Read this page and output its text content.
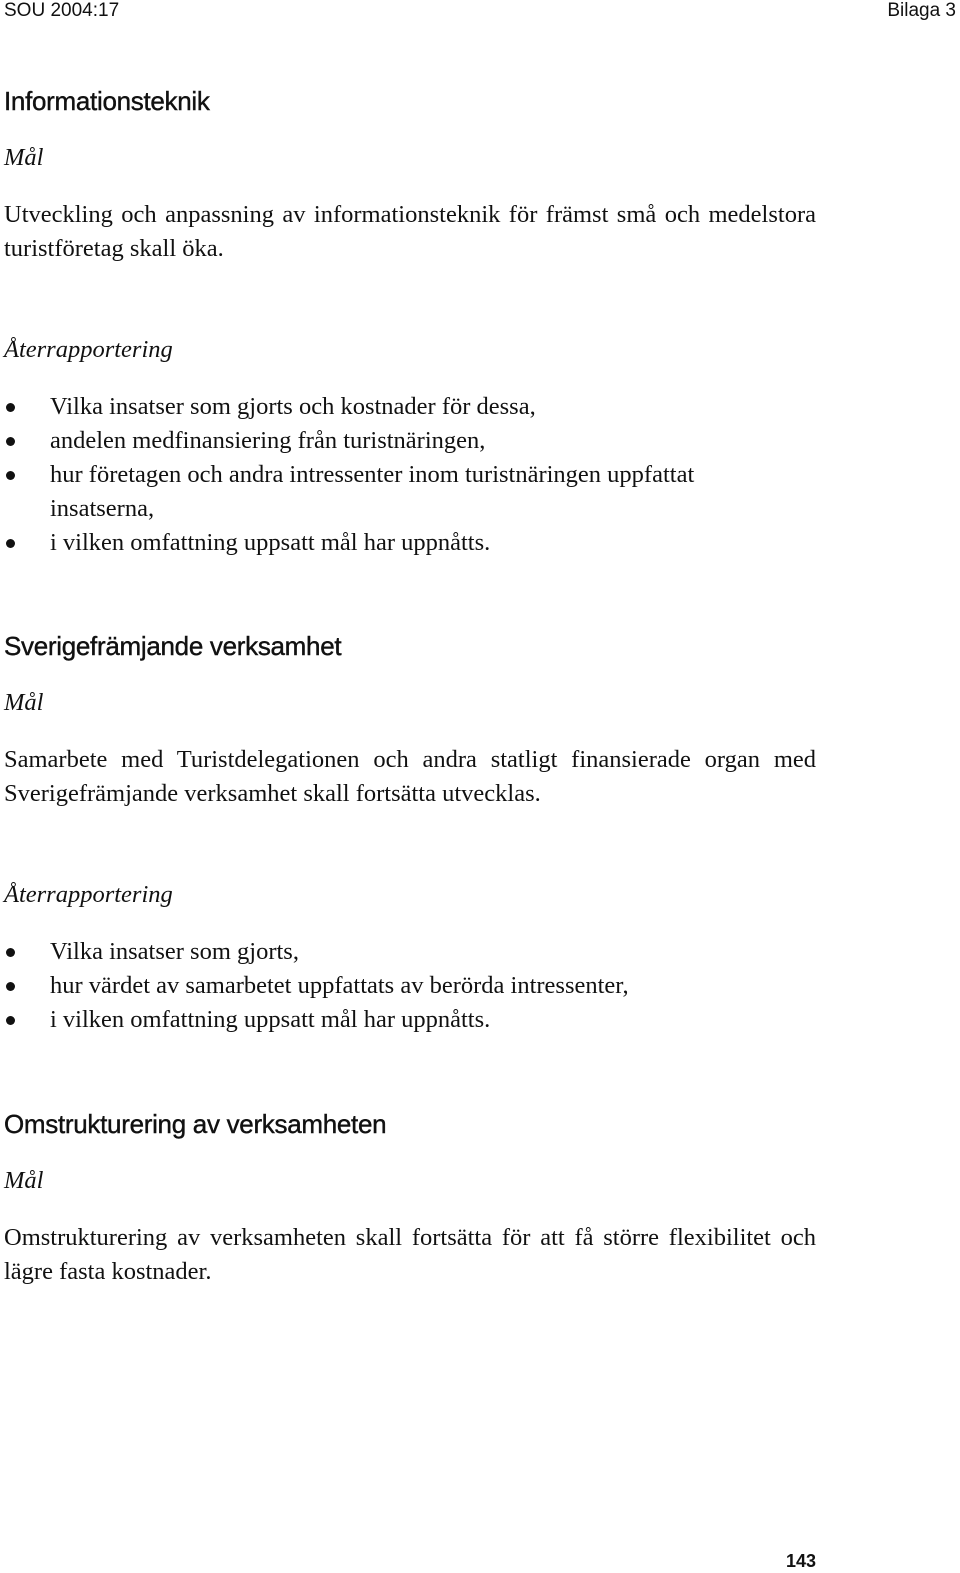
SOU 2004:17	Bilaga 3
Informationsteknik

Mål

Utveckling och anpassning av informationsteknik för främst små och medelstora turistföretag skall öka.

Återrapportering

Vilka insatser som gjorts och kostnader för dessa,
andelen medfinansiering från turistnäringen,
hur företagen och andra intressenter inom turistnäringen uppfattat insatserna,
i vilken omfattning uppsatt mål har uppnåtts.
Sverigefrämjande verksamhet

Mål

Samarbete med Turistdelegationen och andra statligt finansierade organ med Sverigefrämjande verksamhet skall fortsätta utvecklas.

Återrapportering

Vilka insatser som gjorts,
hur värdet av samarbetet uppfattats av berörda intressenter,
i vilken omfattning uppsatt mål har uppnåtts.
Omstrukturering av verksamheten

Mål

Omstrukturering av verksamheten skall fortsätta för att få större flexibilitet och lägre fasta kostnader.

143
